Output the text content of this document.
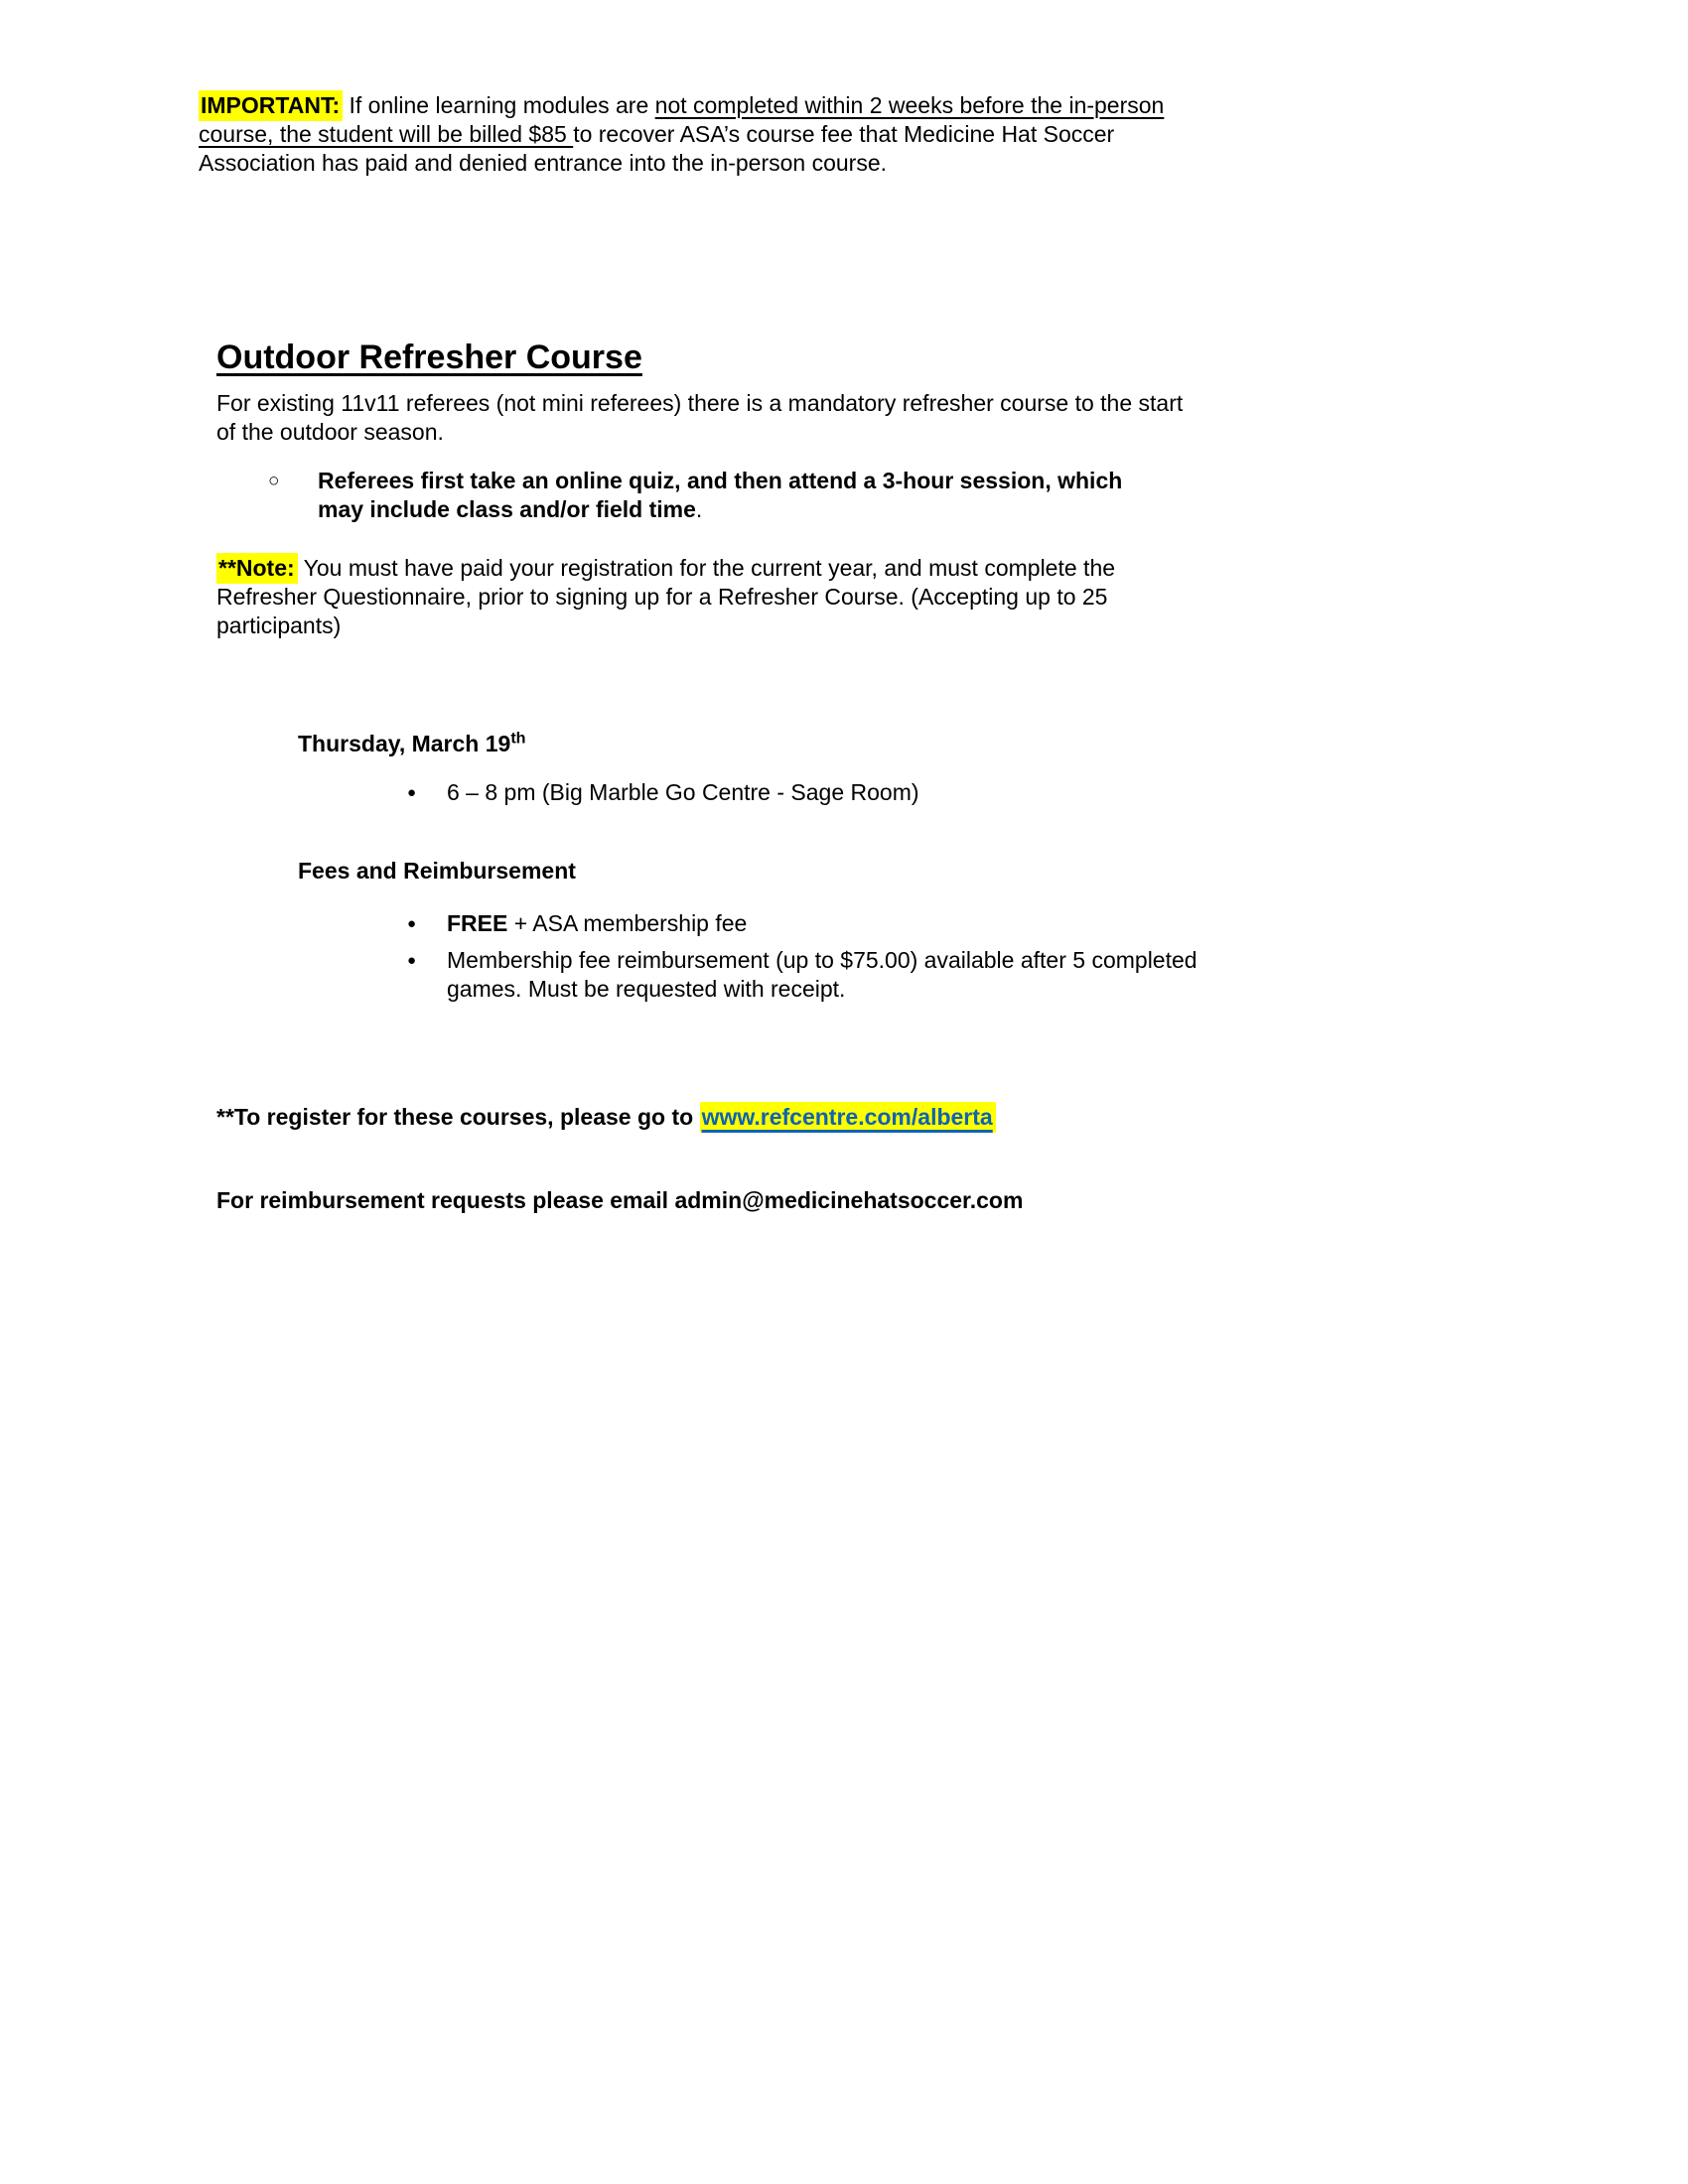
IMPORTANT: If online learning modules are not completed within 2 weeks before the in-person
course, the student will be billed $85 to recover ASA’s course fee that Medicine Hat Soccer
Association has paid and denied entrance into the in-person course.

Outdoor Refresher Course

For existing 11v11 referees (not mini referees) there is a mandatory refresher course to the start
of the outdoor season.

○	Referees first take an online quiz, and then attend a 3-hour session, which
may include class and/or field time.

**Note: You must have paid your registration for the current year, and must complete the
Refresher Questionnaire, prior to signing up for a Refresher Course. (Accepting up to 25
participants)

Thursday, March 19th

●	6 – 8 pm (Big Marble Go Centre - Sage Room)

Fees and Reimbursement

●	FREE + ASA membership fee
●	Membership fee reimbursement (up to $75.00) available after 5 completed
games. Must be requested with receipt.

**To register for these courses, please go to www.refcentre.com/alberta

For reimbursement requests please email admin@medicinehatsoccer.com
